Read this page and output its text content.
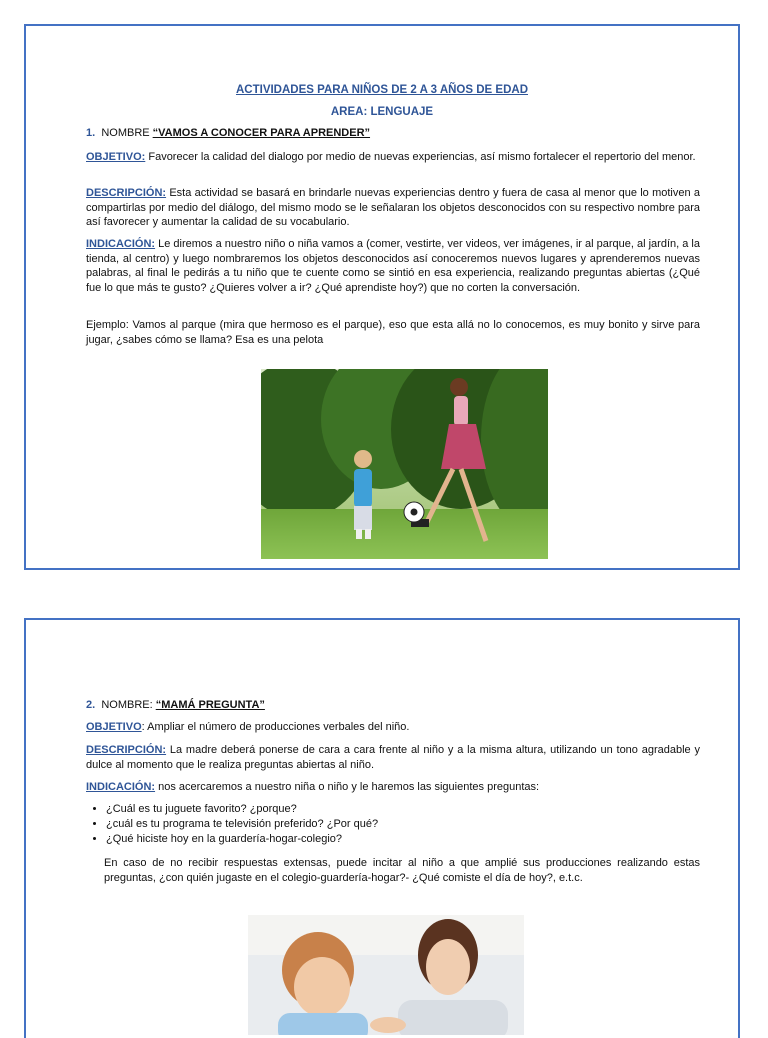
ACTIVIDADES PARA NIÑOS DE 2 A 3 AÑOS DE EDAD
AREA: LENGUAJE
1. NOMBRE “VAMOS A CONOCER PARA APRENDER”
OBJETIVO: Favorecer la calidad del dialogo por medio de nuevas experiencias, así mismo fortalecer el repertorio del menor.
DESCRIPCIÓN: Esta actividad se basará en brindarle nuevas experiencias dentro y fuera de casa al menor que lo motiven a compartirlas por medio del diálogo, del mismo modo se le señalaran los objetos desconocidos con su respectivo nombre para así favorecer y aumentar la calidad de su vocabulario.
INDICACIÓN: Le diremos a nuestro niño o niña vamos a (comer, vestirte, ver videos, ver imágenes, ir al parque, al jardín, a la tienda, al centro) y luego nombraremos los objetos desconocidos así conoceremos nuevos lugares y aprenderemos nuevas palabras, al final le pedirás a tu niño que te cuente como se sintió en esa experiencia, realizando preguntas abiertas (¿Qué fue lo que más te gusto? ¿Quieres volver a ir? ¿Qué aprendiste hoy?) que no corten la conversación.
Ejemplo: Vamos al parque (mira que hermoso es el parque), eso que esta allá no lo conocemos, es muy bonito y sirve para jugar, ¿sabes cómo se llama? Esa es una pelota
2. NOMBRE: “MAMÁ PREGUNTA”
OBJETIVO: Ampliar el número de producciones verbales del niño.
DESCRIPCIÓN: La madre deberá ponerse de cara a cara frente al niño y a la misma altura, utilizando un tono agradable y dulce al momento que le realiza preguntas abiertas al niño.
INDICACIÓN: nos acercaremos a nuestro niña o niño y le haremos las siguientes preguntas:
• ¿Cuál es tu juguete favorito? ¿porque?
• ¿cuál es tu programa te televisión preferido? ¿Por qué?
• ¿Qué hiciste hoy en la guardería-hogar-colegio?
En caso de no recibir respuestas extensas, puede incitar al niño a que amplié sus producciones realizando estas preguntas, ¿con quién jugaste en el colegio-guardería-hogar?- ¿Qué comiste el día de hoy?, e.t.c.
